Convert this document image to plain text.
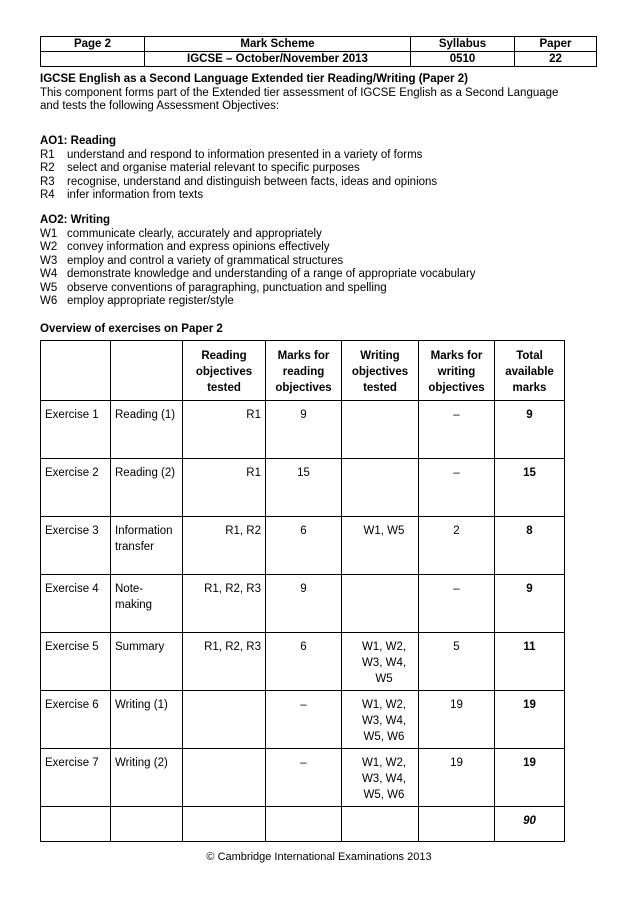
Page 2	Mark Scheme	Syllabus	Paper
	IGCSE – October/November 2013	0510	22
IGCSE English as a Second Language Extended tier Reading/Writing (Paper 2)
This component forms part of the Extended tier assessment of IGCSE English as a Second Language
and tests the following Assessment Objectives:
AO1: Reading
R1	understand and respond to information presented in a variety of forms
R2	select and organise material relevant to specific purposes
R3	recognise, understand and distinguish between facts, ideas and opinions
R4	infer information from texts
AO2: Writing
W1 communicate clearly, accurately and appropriately
W2 convey information and express opinions effectively
W3 employ and control a variety of grammatical structures
W4 demonstrate knowledge and understanding of a range of appropriate vocabulary
W5 observe conventions of paragraphing, punctuation and spelling
W6 employ appropriate register/style
Overview of exercises on Paper 2
		Reading objectives tested	Marks for reading objectives	Writing objectives tested	Marks for writing objectives	Total available marks
Exercise 1	Reading (1)	R1	9		–	9
Exercise 2	Reading (2)	R1	15		–	15
Exercise 3	Information transfer	R1, R2	6	W1, W5	2	8
Exercise 4	Note-making	R1, R2, R3	9		–	9
Exercise 5	Summary	R1, R2, R3	6	W1, W2, W3, W4, W5	5	11
Exercise 6	Writing (1)		–	W1, W2, W3, W4, W5, W6	19	19
Exercise 7	Writing (2)		–	W1, W2, W3, W4, W5, W6	19	19
						90
© Cambridge International Examinations 2013
